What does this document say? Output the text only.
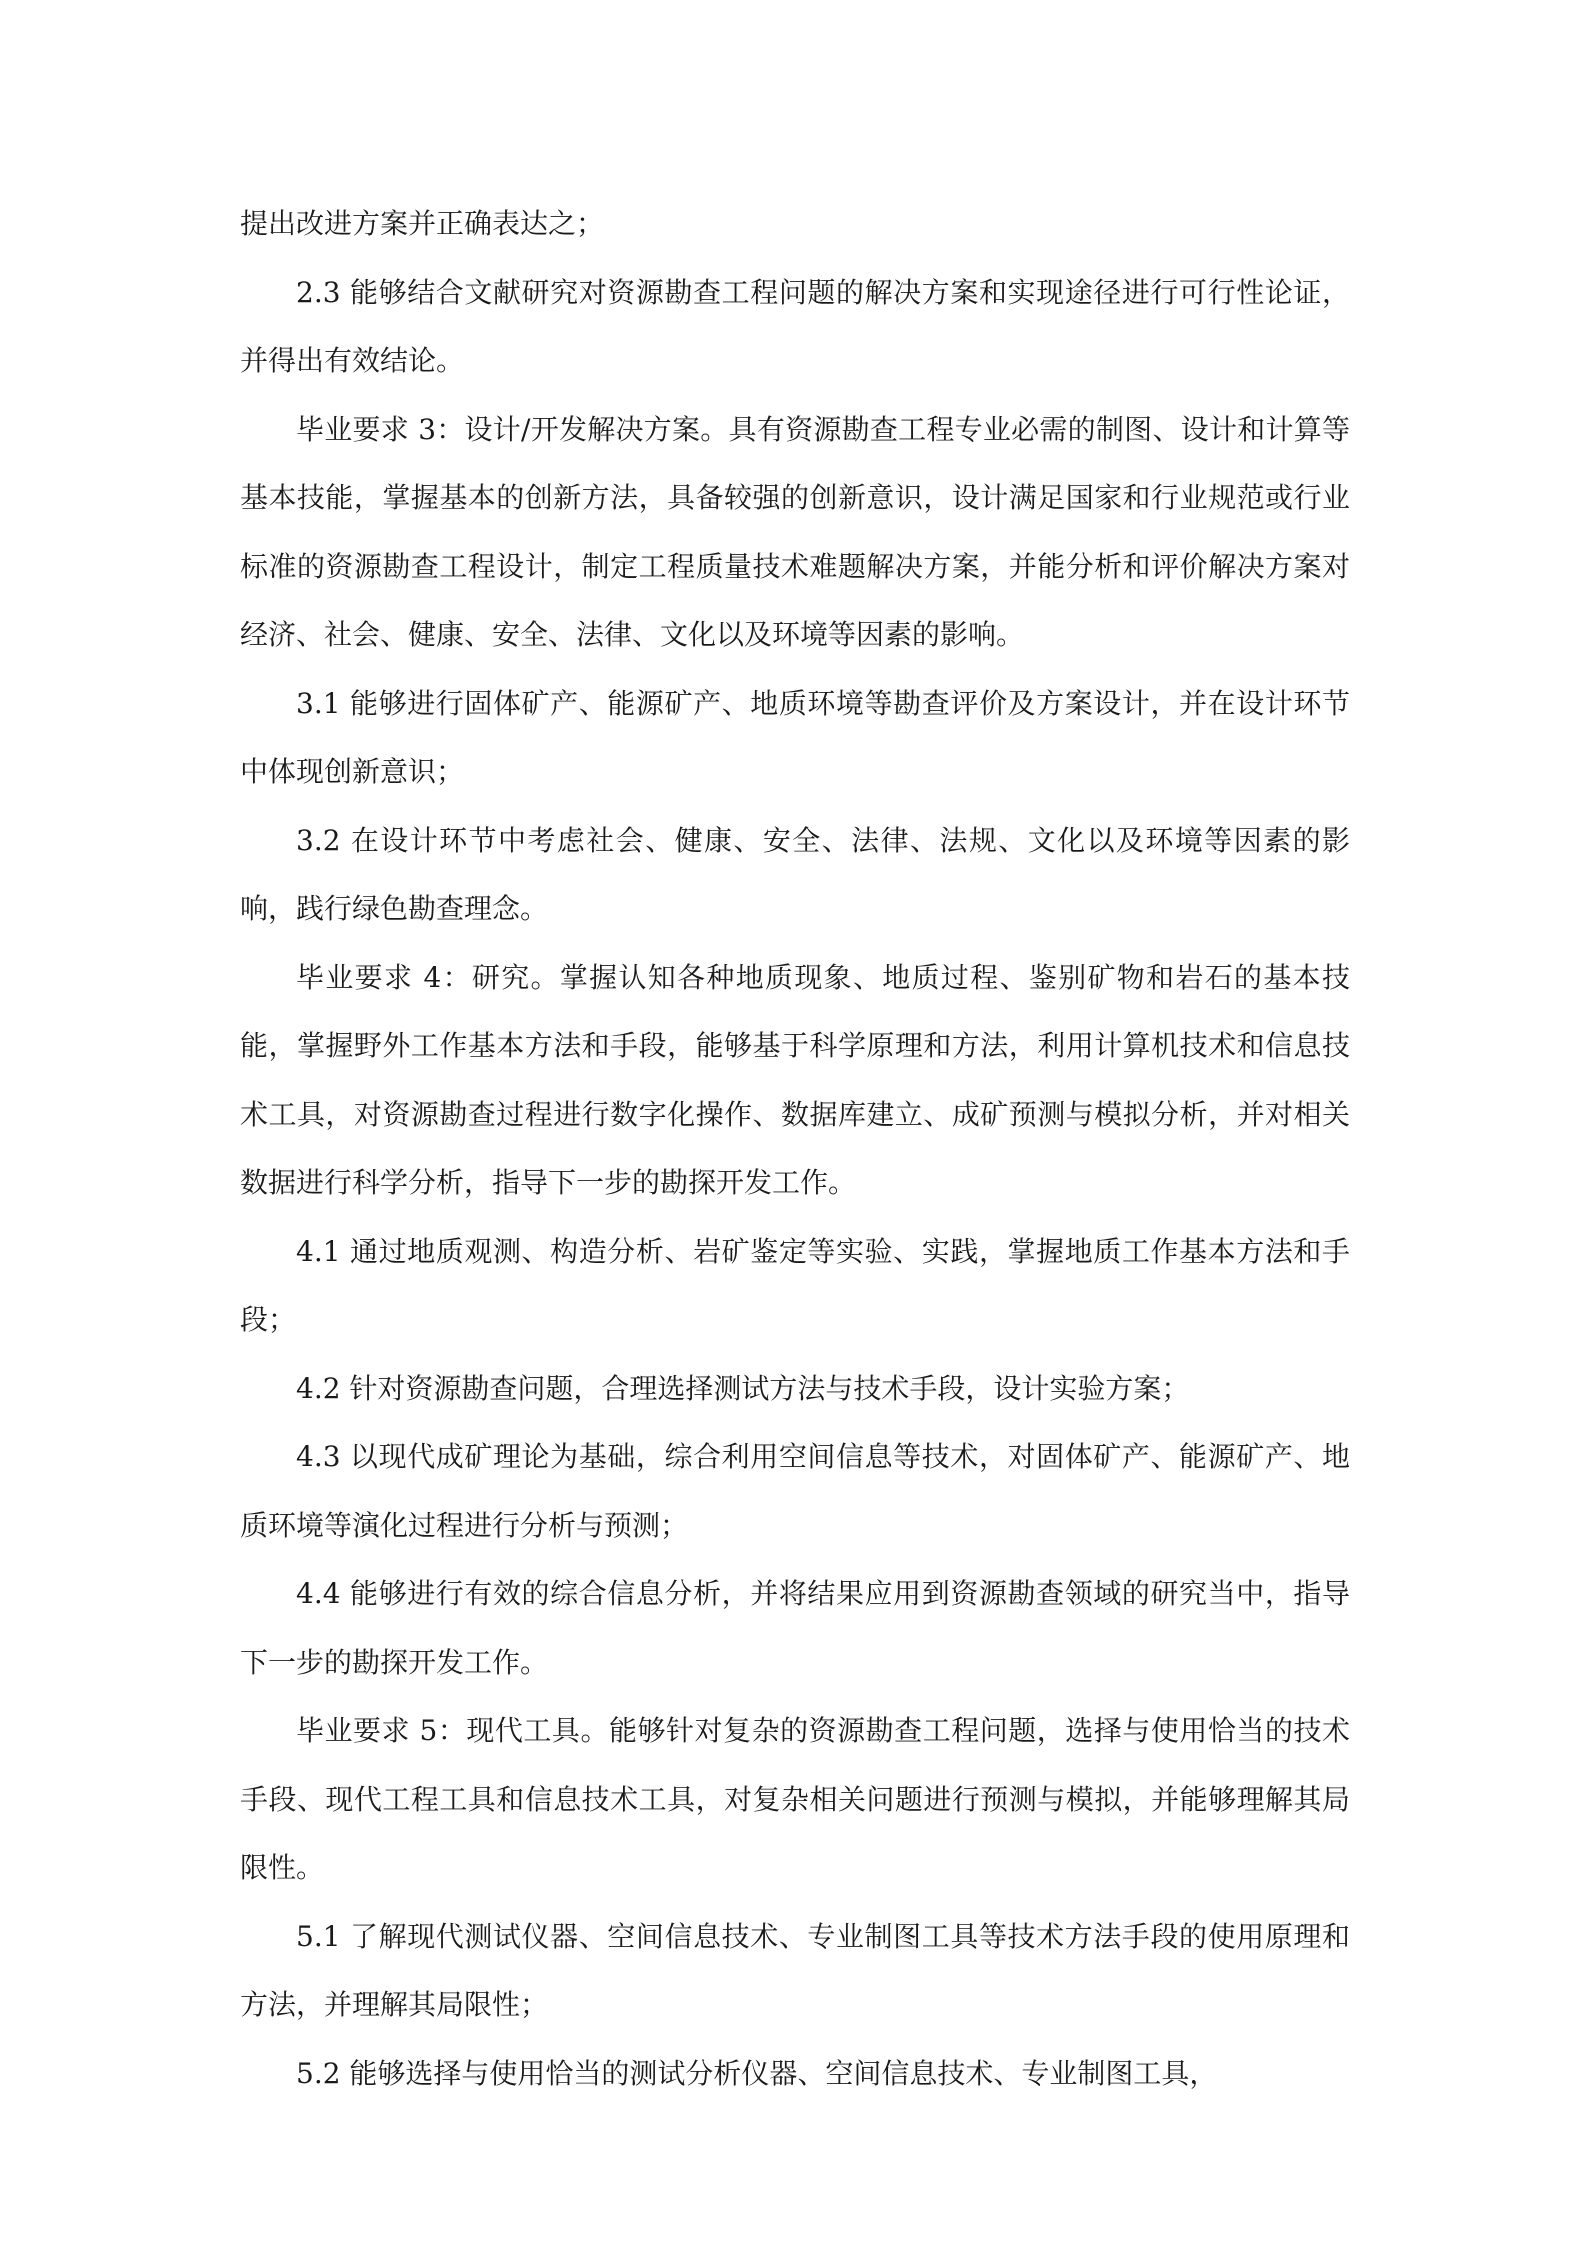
提出改进方案并正确表达之；

2.3 能够结合文献研究对资源勘查工程问题的解决方案和实现途径进行可行性论证，并得出有效结论。

毕业要求 3：设计/开发解决方案。具有资源勘查工程专业必需的制图、设计和计算等基本技能，掌握基本的创新方法，具备较强的创新意识，设计满足国家和行业规范或行业标准的资源勘查工程设计，制定工程质量技术难题解决方案，并能分析和评价解决方案对经济、社会、健康、安全、法律、文化以及环境等因素的影响。

3.1 能够进行固体矿产、能源矿产、地质环境等勘查评价及方案设计，并在设计环节中体现创新意识；

3.2 在设计环节中考虑社会、健康、安全、法律、法规、文化以及环境等因素的影响，践行绿色勘查理念。

毕业要求 4：研究。掌握认知各种地质现象、地质过程、鉴别矿物和岩石的基本技能，掌握野外工作基本方法和手段，能够基于科学原理和方法，利用计算机技术和信息技术工具，对资源勘查过程进行数字化操作、数据库建立、成矿预测与模拟分析，并对相关数据进行科学分析，指导下一步的勘探开发工作。

4.1 通过地质观测、构造分析、岩矿鉴定等实验、实践，掌握地质工作基本方法和手段；

4.2 针对资源勘查问题，合理选择测试方法与技术手段，设计实验方案；

4.3 以现代成矿理论为基础，综合利用空间信息等技术，对固体矿产、能源矿产、地质环境等演化过程进行分析与预测；

4.4 能够进行有效的综合信息分析，并将结果应用到资源勘查领域的研究当中，指导下一步的勘探开发工作。

毕业要求 5：现代工具。能够针对复杂的资源勘查工程问题，选择与使用恰当的技术手段、现代工程工具和信息技术工具，对复杂相关问题进行预测与模拟，并能够理解其局限性。

5.1 了解现代测试仪器、空间信息技术、专业制图工具等技术方法手段的使用原理和方法，并理解其局限性；

5.2 能够选择与使用恰当的测试分析仪器、空间信息技术、专业制图工具，
